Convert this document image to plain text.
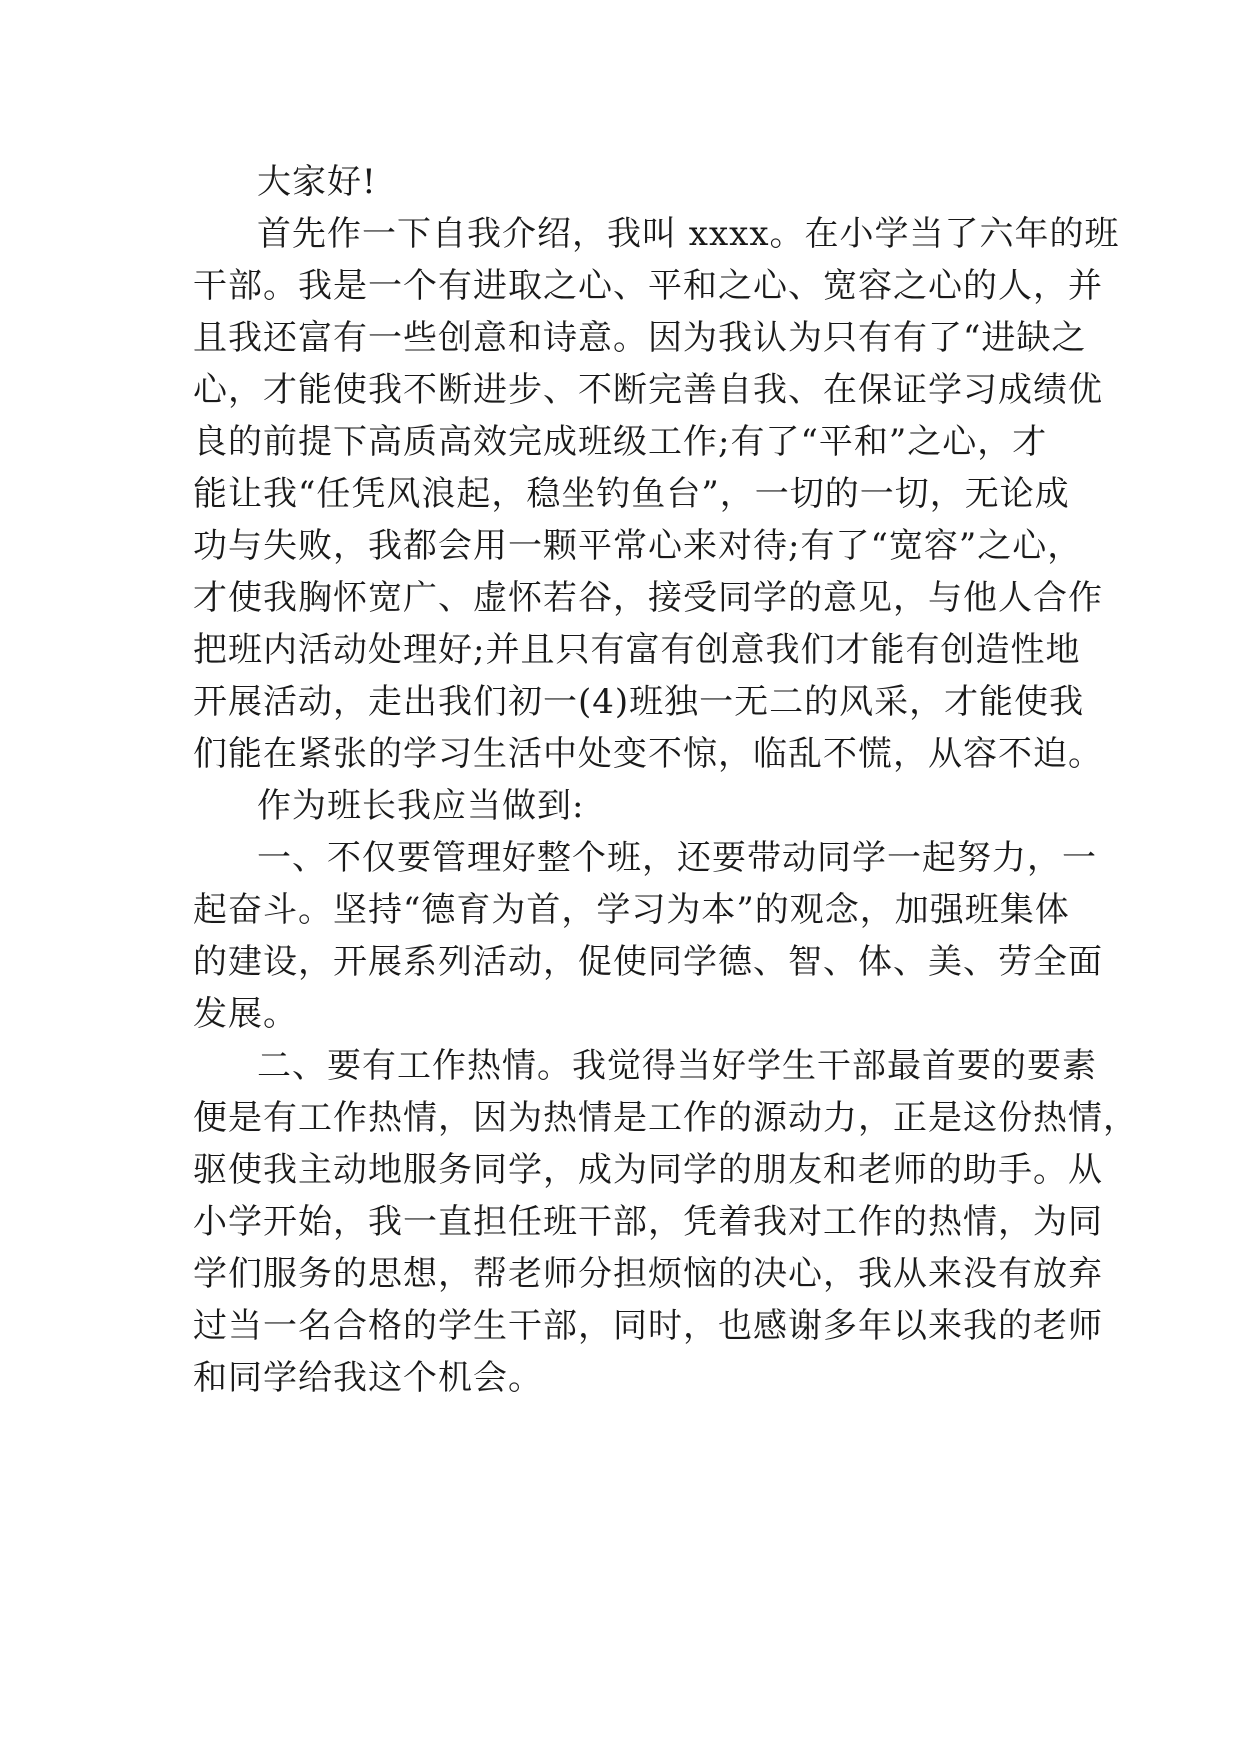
大家好!
首先作一下自我介绍，我叫 xxxx。在小学当了六年的班
干部。我是一个有进取之心、平和之心、宽容之心的人，并
且我还富有一些创意和诗意。因为我认为只有有了“进缺之
心，才能使我不断进步、不断完善自我、在保证学习成绩优
良的前提下高质高效完成班级工作;有了“平和”之心，才
能让我“任凭风浪起，稳坐钓鱼台”，一切的一切，无论成
功与失败，我都会用一颗平常心来对待;有了“宽容”之心，
才使我胸怀宽广、虚怀若谷，接受同学的意见，与他人合作
把班内活动处理好;并且只有富有创意我们才能有创造性地
开展活动，走出我们初一(4)班独一无二的风采，才能使我
们能在紧张的学习生活中处变不惊，临乱不慌，从容不迫。
作为班长我应当做到:
一、不仅要管理好整个班，还要带动同学一起努力，一
起奋斗。坚持“德育为首，学习为本”的观念，加强班集体
的建设，开展系列活动，促使同学德、智、体、美、劳全面
发展。
二、要有工作热情。我觉得当好学生干部最首要的要素
便是有工作热情，因为热情是工作的源动力，正是这份热情，
驱使我主动地服务同学，成为同学的朋友和老师的助手。从
小学开始，我一直担任班干部，凭着我对工作的热情，为同
学们服务的思想，帮老师分担烦恼的决心，我从来没有放弃
过当一名合格的学生干部，同时，也感谢多年以来我的老师
和同学给我这个机会。
